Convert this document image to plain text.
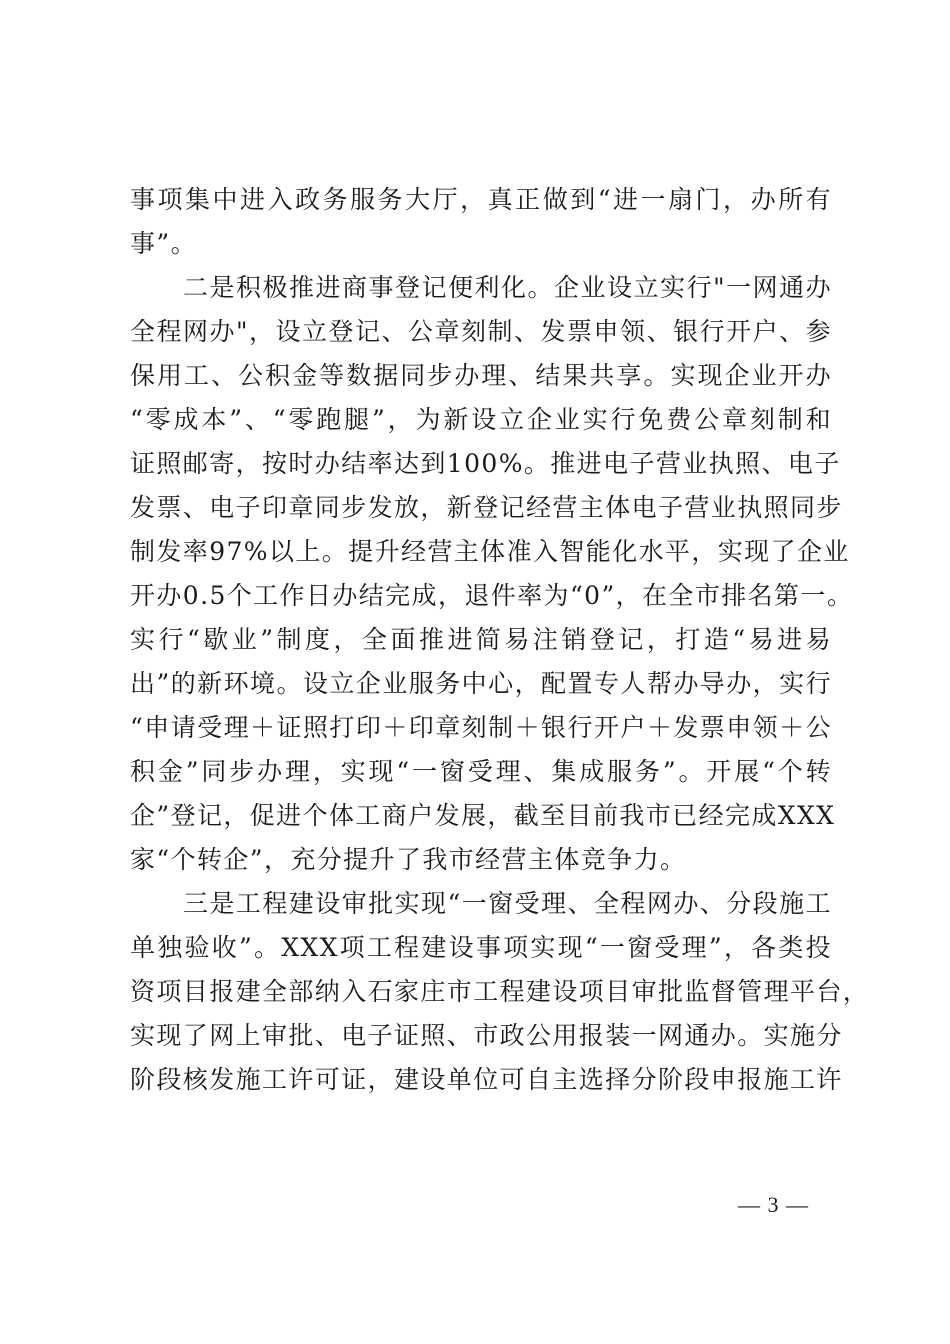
事项集中进入政务服务大厅，真正做到“进一扇门，办所有
事”。

二是积极推进商事登记便利化。企业设立实行"一网通办
全程网办"，设立登记、公章刻制、发票申领、银行开户、参
保用工、公积金等数据同步办理、结果共享。实现企业开办
“零成本”、“零跑腿”，为新设立企业实行免费公章刻制和
证照邮寄，按时办结率达到100%。推进电子营业执照、电子
发票、电子印章同步发放，新登记经营主体电子营业执照同步
制发率97%以上。提升经营主体准入智能化水平，实现了企业
开办0.5个工作日办结完成，退件率为“0”，在全市排名第一。
实行“歇业”制度，全面推进简易注销登记，打造“易进易
出”的新环境。设立企业服务中心，配置专人帮办导办，实行
“申请受理＋证照打印＋印章刻制＋银行开户＋发票申领＋公
积金”同步办理，实现“一窗受理、集成服务”。开展“个转
企”登记，促进个体工商户发展，截至目前我市已经完成XXX
家“个转企”，充分提升了我市经营主体竞争力。

三是工程建设审批实现“一窗受理、全程网办、分段施工
单独验收”。XXX项工程建设事项实现“一窗受理”，各类投
资项目报建全部纳入石家庄市工程建设项目审批监督管理平台，
实现了网上审批、电子证照、市政公用报装一网通办。实施分
阶段核发施工许可证，建设单位可自主选择分阶段申报施工许

— 3 —
